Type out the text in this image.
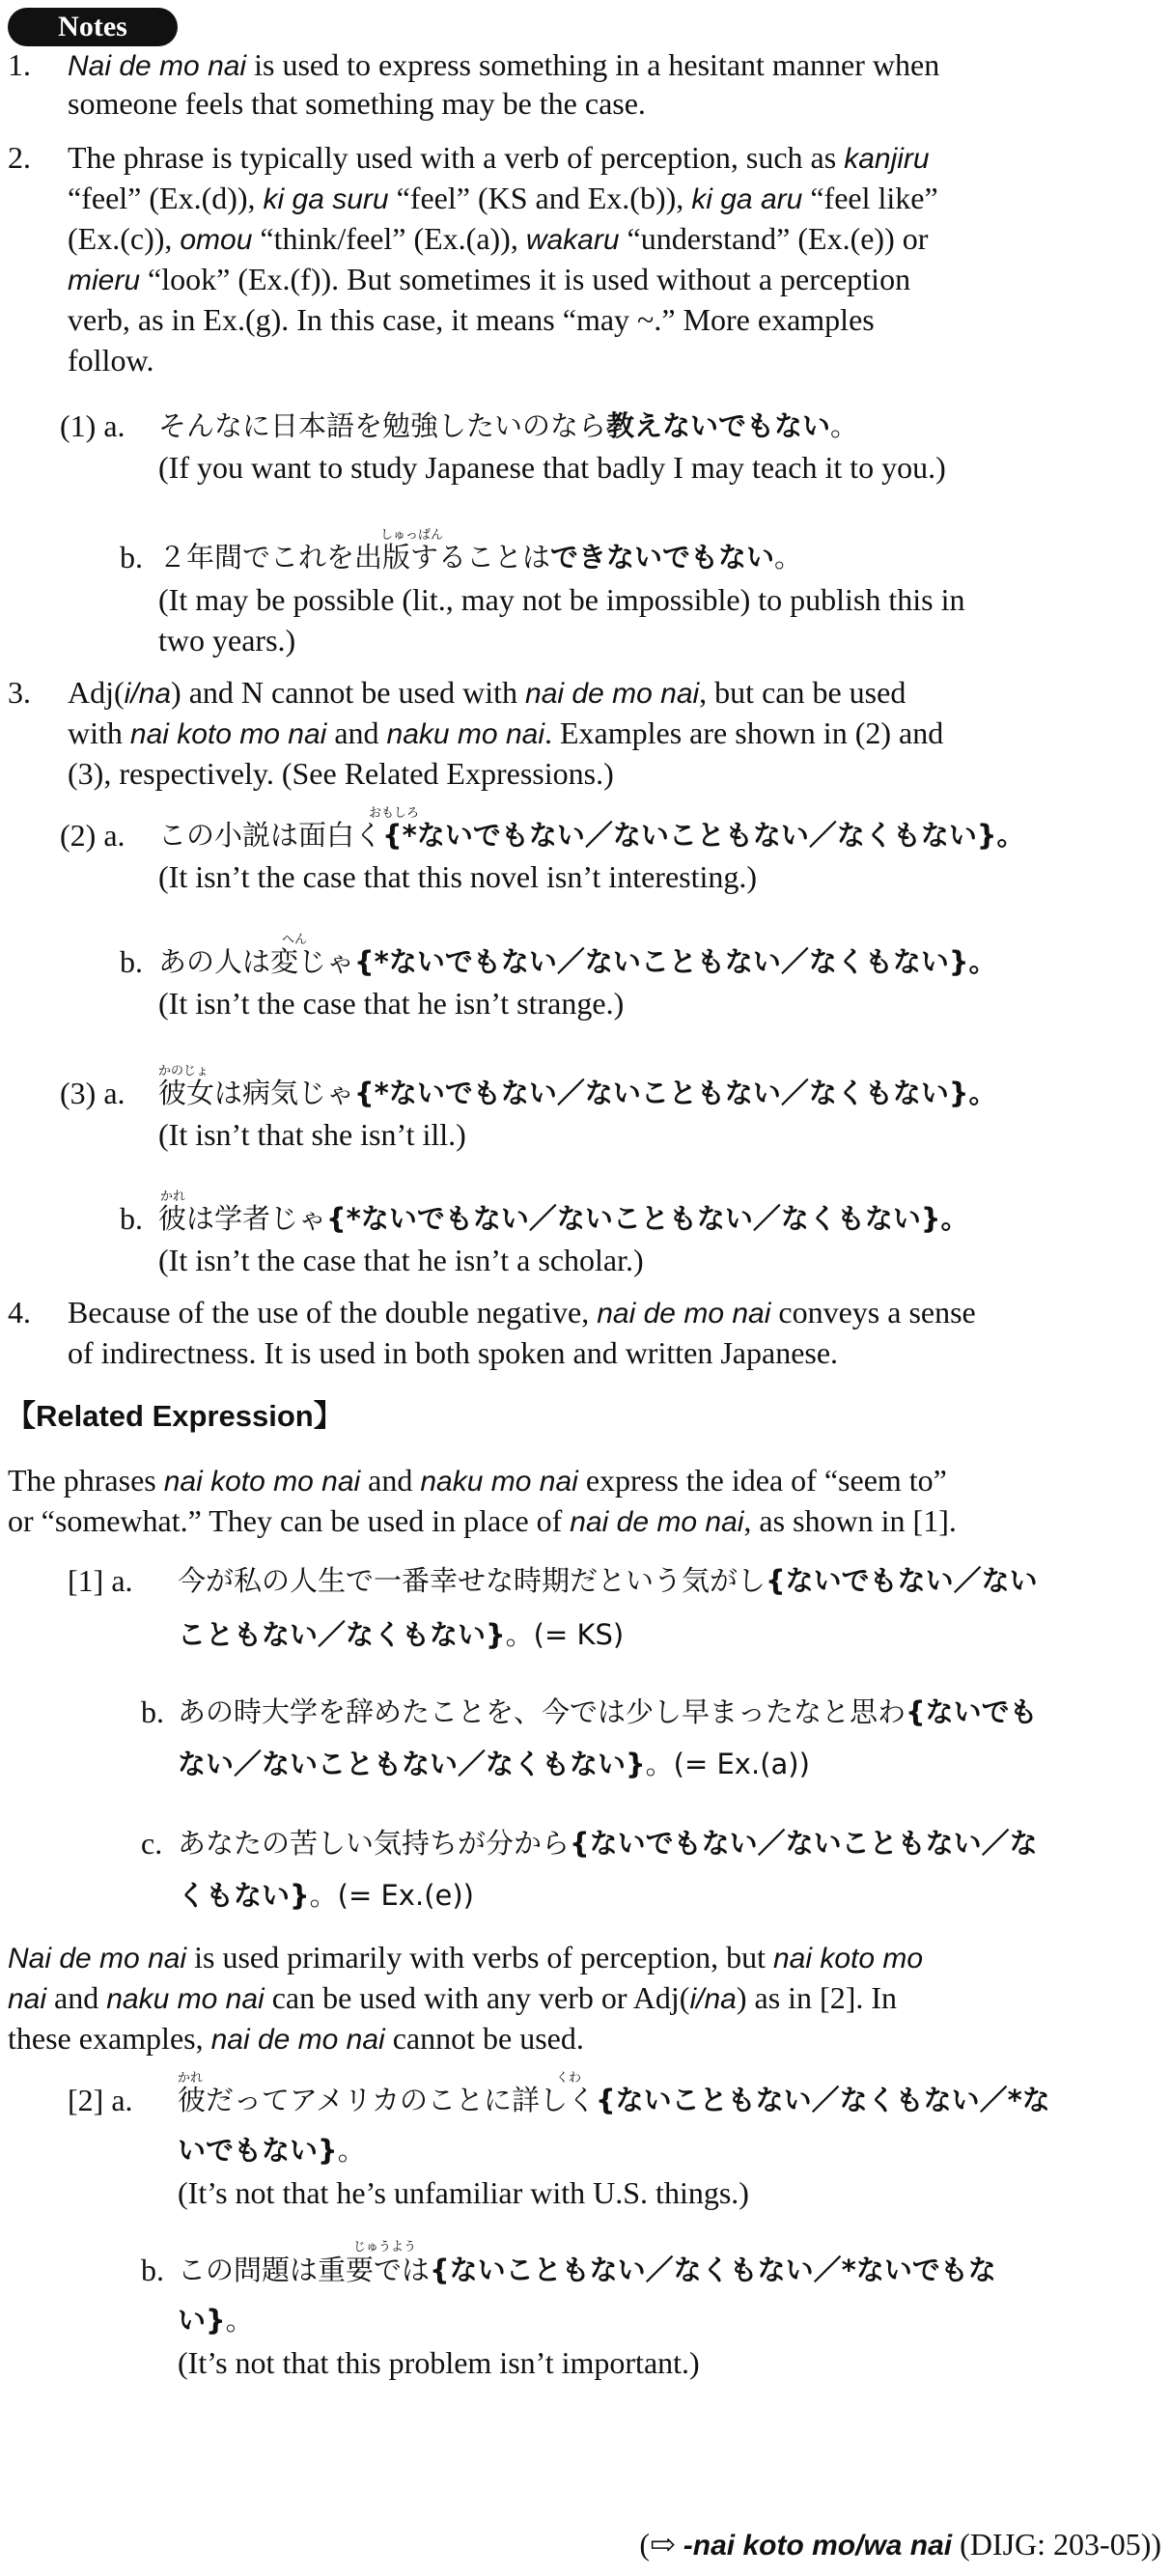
Notes
1. Nai de mo nai is used to express something in a hesitant manner when
someone feels that something may be the case.
2. The phrase is typically used with a verb of perception, such as kanjiru
“feel” (Ex.(d)), ki ga suru “feel” (KS and Ex.(b)), ki ga aru “feel like”
(Ex.(c)), omou “think/feel” (Ex.(a)), wakaru “understand” (Ex.(e)) or
mieru “look” (Ex.(f)). But sometimes it is used without a perception
verb, as in Ex.(g). In this case, it means “may ~.” More examples
follow.
(1) a. そんなに日本語を勉強したいのなら教えないでもない。
(If you want to study Japanese that badly I may teach it to you.)
しゅっぱん
b. ２年間でこれを出版することはできないでもない。
(It may be possible (lit., may not be impossible) to publish this in
two years.)
3. Adj(i/na) and N cannot be used with nai de mo nai, but can be used
with nai koto mo nai and naku mo nai. Examples are shown in (2) and
(3), respectively. (See Related Expressions.)
おもしろ
(2) a. この小説は面白く{*ないでもない／ないこともない／なくもない}。
(It isn’t the case that this novel isn’t interesting.)
へん
b. あの人は変じゃ{*ないでもない／ないこともない／なくもない}。
(It isn’t the case that he isn’t strange.)
かのじょ
(3) a. 彼女は病気じゃ{*ないでもない／ないこともない／なくもない}。
(It isn’t that she isn’t ill.)
かれ
b. 彼は学者じゃ{*ないでもない／ないこともない／なくもない}。
(It isn’t the case that he isn’t a scholar.)
4. Because of the use of the double negative, nai de mo nai conveys a sense
of indirectness. It is used in both spoken and written Japanese.
【Related Expression】
The phrases nai koto mo nai and naku mo nai express the idea of “seem to”
or “somewhat.” They can be used in place of nai de mo nai, as shown in [1].
[1] a. 今が私の人生で一番幸せな時期だという気がし{ないでもない／ない
こともない／なくもない}。(= KS)
b. あの時大学を辞めたことを、今では少し早まったなと思わ{ないでも
ない／ないこともない／なくもない}。(= Ex.(a))
c. あなたの苦しい気持ちが分から{ないでもない／ないこともない／な
くもない}。(= Ex.(e))
Nai de mo nai is used primarily with verbs of perception, but nai koto mo
nai and naku mo nai can be used with any verb or Adj(i/na) as in [2]. In
these examples, nai de mo nai cannot be used.
かれ	くわ
[2] a. 彼だってアメリカのことに詳しく{ないこともない／なくもない／*な
いでもない}。
(It’s not that he’s unfamiliar with U.S. things.)
じゅうよう
b. この問題は重要では{ないこともない／なくもない／*ないでもな
い}。
(It’s not that this problem isn’t important.)
(⇨ -nai koto mo/wa nai (DIJG: 203-05))
